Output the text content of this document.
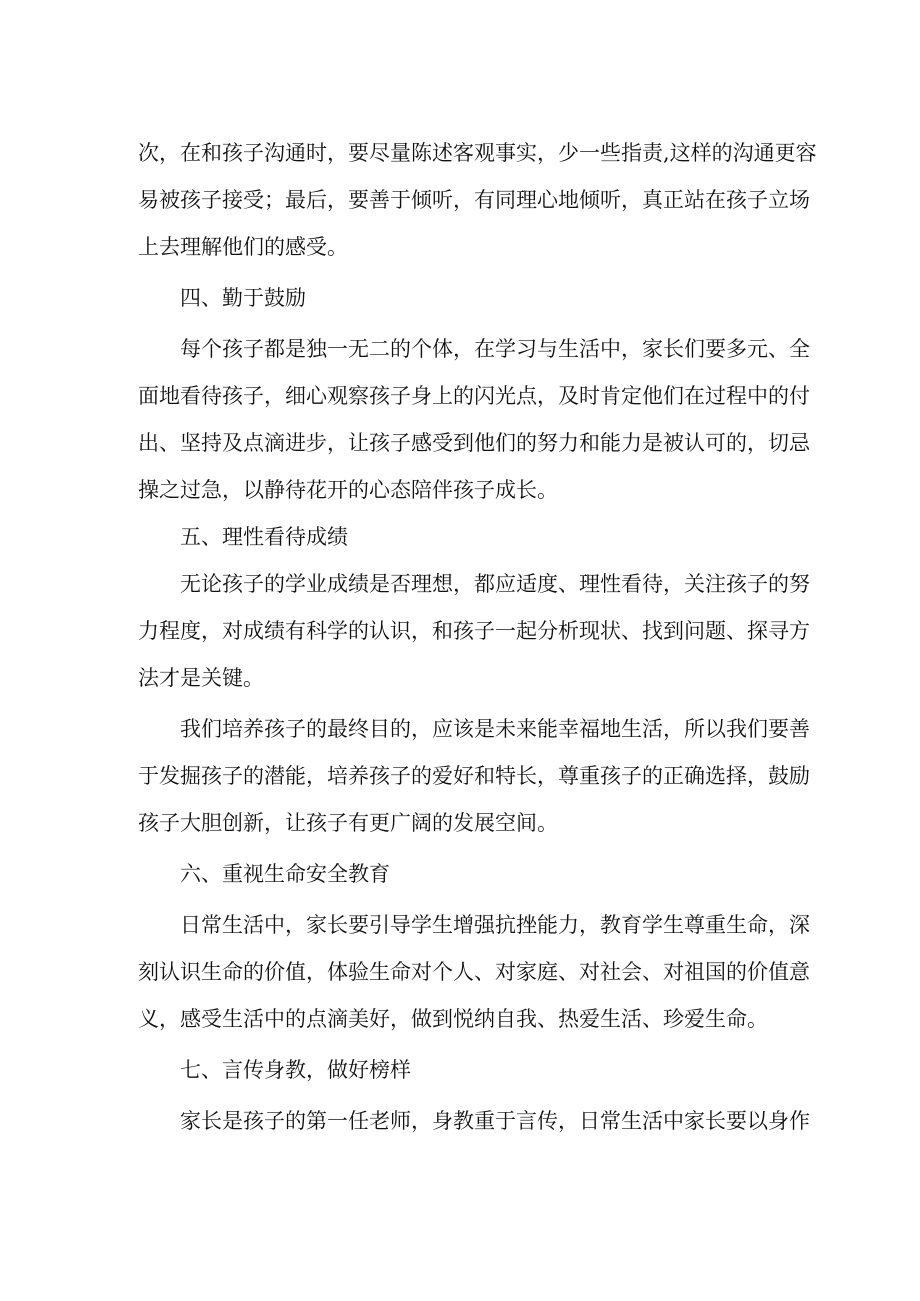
次，在和孩子沟通时，要尽量陈述客观事实，少一些指责,这样的沟通更容
易被孩子接受；最后，要善于倾听，有同理心地倾听，真正站在孩子立场
上去理解他们的感受。
四、勤于鼓励
每个孩子都是独一无二的个体，在学习与生活中，家长们要多元、全
面地看待孩子，细心观察孩子身上的闪光点，及时肯定他们在过程中的付
出、坚持及点滴进步，让孩子感受到他们的努力和能力是被认可的，切忌
操之过急，以静待花开的心态陪伴孩子成长。
五、理性看待成绩
无论孩子的学业成绩是否理想，都应适度、理性看待，关注孩子的努
力程度，对成绩有科学的认识，和孩子一起分析现状、找到问题、探寻方
法才是关键。
我们培养孩子的最终目的，应该是未来能幸福地生活，所以我们要善
于发掘孩子的潜能，培养孩子的爱好和特长，尊重孩子的正确选择，鼓励
孩子大胆创新，让孩子有更广阔的发展空间。
六、重视生命安全教育
日常生活中，家长要引导学生增强抗挫能力，教育学生尊重生命，深
刻认识生命的价值，体验生命对个人、对家庭、对社会、对祖国的价值意
义，感受生活中的点滴美好，做到悦纳自我、热爱生活、珍爱生命。
七、言传身教，做好榜样
家长是孩子的第一任老师，身教重于言传，日常生活中家长要以身作
